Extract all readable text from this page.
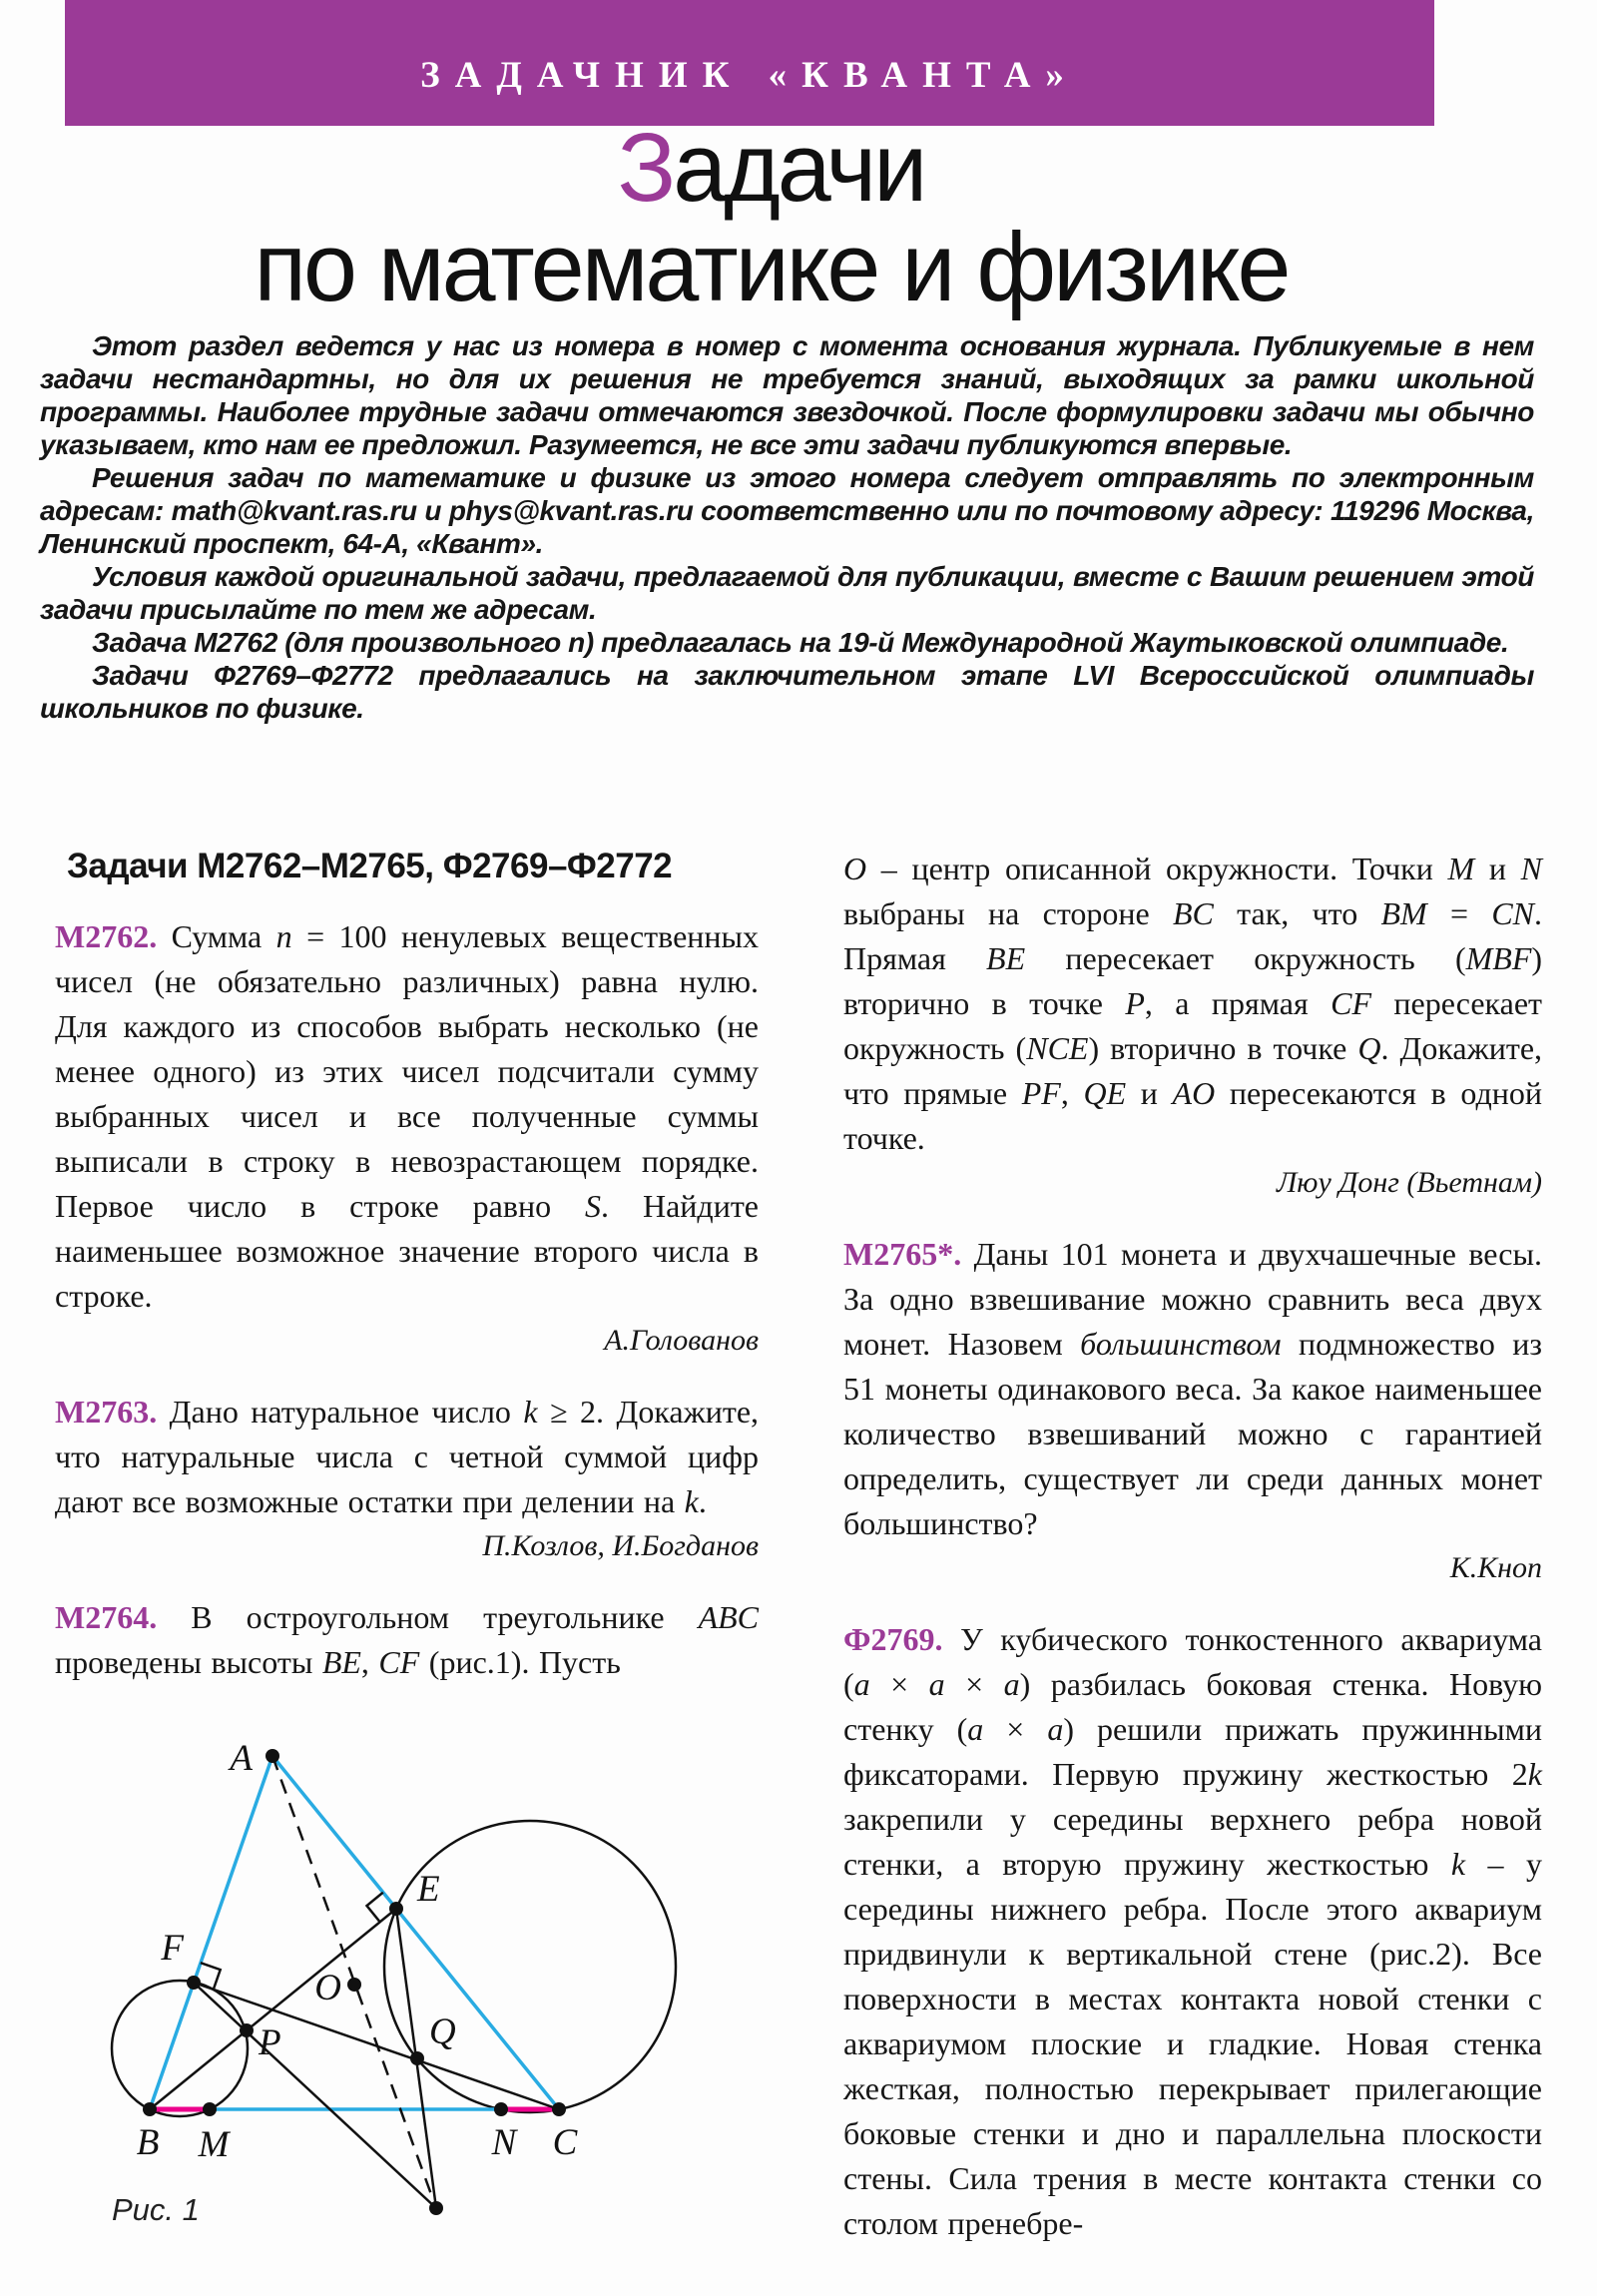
ЗАДАЧНИК «КВАНТА»
Задачи
по математике и физике

Этот раздел ведется у нас из номера в номер с момента основания журнала. Публикуемые в нем задачи нестандартны, но для их решения не требуется знаний, выходящих за рамки школьной программы. Наиболее трудные задачи отмечаются звездочкой. После формулировки задачи мы обычно указываем, кто нам ее предложил. Разумеется, не все эти задачи публикуются впервые.

Решения задач по математике и физике из этого номера следует отправлять по электронным адресам: math@kvant.ras.ru и phys@kvant.ras.ru соответственно или по почтовому адресу: 119296 Москва, Ленинский проспект, 64-А, «Квант».

Условия каждой оригинальной задачи, предлагаемой для публикации, вместе с Вашим решением этой задачи присылайте по тем же адресам.

Задача М2762 (для произвольного n) предлагалась на 19-й Международной Жаутыковской олимпиаде.

Задачи Ф2769–Ф2772 предлагались на заключительном этапе LVI Всероссийской олимпиады школьников по физике.

Задачи М2762–М2765, Ф2769–Ф2772

М2762. Сумма n = 100 ненулевых вещественных чисел (не обязательно различных) равна нулю. Для каждого из способов выбрать несколько (не менее одного) из этих чисел подсчитали сумму выбранных чисел и все полученные суммы выписали в строку в невозрастающем порядке. Первое число в строке равно S. Найдите наименьшее возможное значение второго числа в строке.

А.Голованов

М2763. Дано натуральное число k ≥ 2. Докажите, что натуральные числа с четной суммой цифр дают все возможные остатки при делении на k.

П.Козлов, И.Богданов

М2764. В остроугольном треугольнике ABC проведены высоты BE, CF (рис.1). Пусть

O – центр описанной окружности. Точки M и N выбраны на стороне BC так, что BM = CN. Прямая BE пересекает окружность (MBF) вторично в точке P, а прямая CF пересекает окружность (NCE) вторично в точке Q. Докажите, что прямые PF, QE и AO пересекаются в одной точке.

Люу Донг (Вьетнам)

М2765*. Даны 101 монета и двухчашечные весы. За одно взвешивание можно сравнить веса двух монет. Назовем большинством подмножество из 51 монеты одинакового веса. За какое наименьшее количество взвешиваний можно с гарантией определить, существует ли среди данных монет большинство?

К.Кноп

Ф2769. У кубического тонкостенного аквариума (a × a × a) разбилась боковая стенка. Новую стенку (a × a) решили прижать пружинными фиксаторами. Первую пружину жесткостью 2k закрепили у середины верхнего ребра новой стенки, а вторую пружину жесткостью k – у середины нижнего ребра. После этого аквариум придвинули к вертикальной стене (рис.2). Все поверхности в местах контакта новой стенки с аквариумом плоские и гладкие. Новая стенка жесткая, полностью перекрывает прилегающие боковые стенки и дно и параллельна плоскости стены. Сила трения в месте контакта стенки со столом пренебре-

A
B	C
M	N
E
F
O
P	Q
Рис. 1
